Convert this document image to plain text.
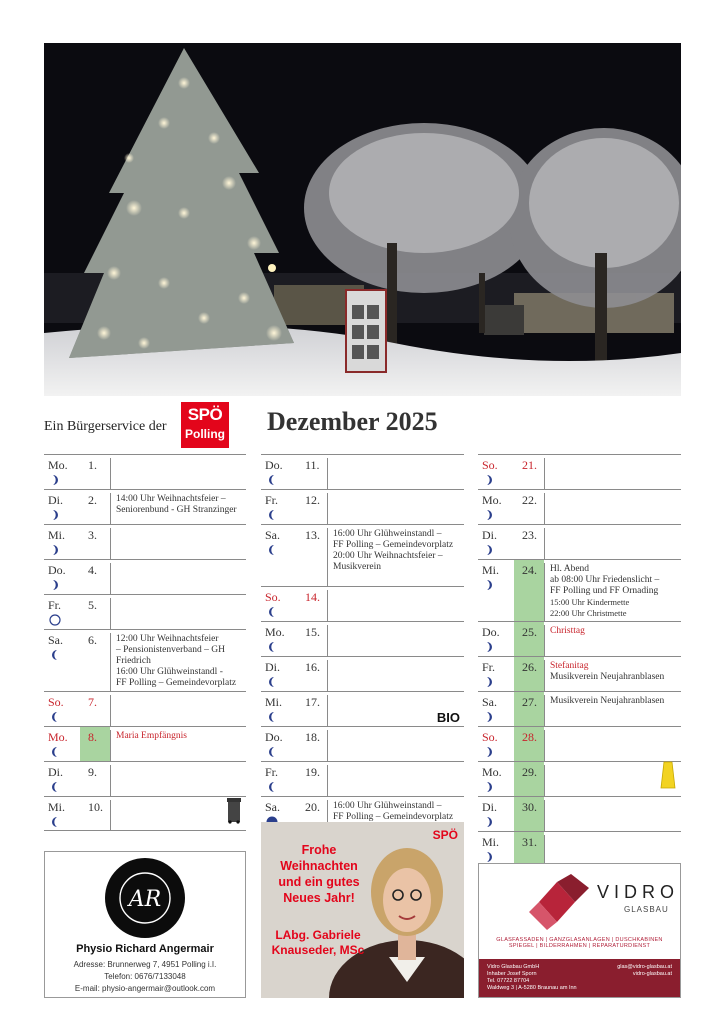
Ein Bürgerservice der
SPÖ
Polling Dezember 2025
Mo.	1.
Di.	2.	14:00 Uhr Weihnachtsfeier –
Seniorenbund - GH Stranzinger
Mi.	3.
Do.	4.
Fr.	5.
Sa.	6.	12:00 Uhr Weihnachtsfeier
– Pensionistenverband – GH
Friedrich
16:00 Uhr Glühweinstandl -
FF Polling – Gemeindevorplatz
So.	7.
Mo.	8.	Maria Empfängnis
Di.	9.
Mi.	10.
Do.	11.
Fr.	12.
Sa.	13.	16:00 Uhr Glühweinstandl –
FF Polling – Gemeindevorplatz
20:00 Uhr Weihnachtsfeier –
Musikverein
So.	14.
Mo.	15.
Di.	16.
Mi.	17.
BIO
Do.	18.
Fr.	19.
Sa.	20.	16:00 Uhr Glühweinstandl –
FF Polling – Gemeindevorplatz
So.	21.
Mo.	22.
Di.	23.
Mi.	24.	Hl. Abend
ab 08:00 Uhr Friedenslicht –
FF Polling und FF Ornading
15:00 Uhr Kindermette
22:00 Uhr Christmette
Do.	25.	Christtag
Fr.	26.	Stefanitag
Musikverein Neujahranblasen
Sa.	27.	Musikverein Neujahranblasen
So.	28.
Mo.	29.
Di.	30.
Mi.	31.
AR
Physio Richard Angermair
Adresse: Brunnerweg 7, 4951 Polling i.I.
Telefon: 0676/7133048
E-mail: physio-angermair@outlook.com
SPÖ
Frohe
Weihnachten
und ein gutes
Neues Jahr!
LAbg. Gabriele
Knauseder, MSc
VIDRO
GLASBAU
GLASFASSADEN | GANZGLASANLAGEN | DUSCHKABINEN
SPIEGEL | BILDERRAHMEN | REPARATURDIENST
Vidro Glasbau GmbH
Inhaber Josef Sporn
Tel. 07722 87704
Waldweg 3 | A-5280 Braunau am Inn
glas@vidro-glasbau.at
vidro-glasbau.at
